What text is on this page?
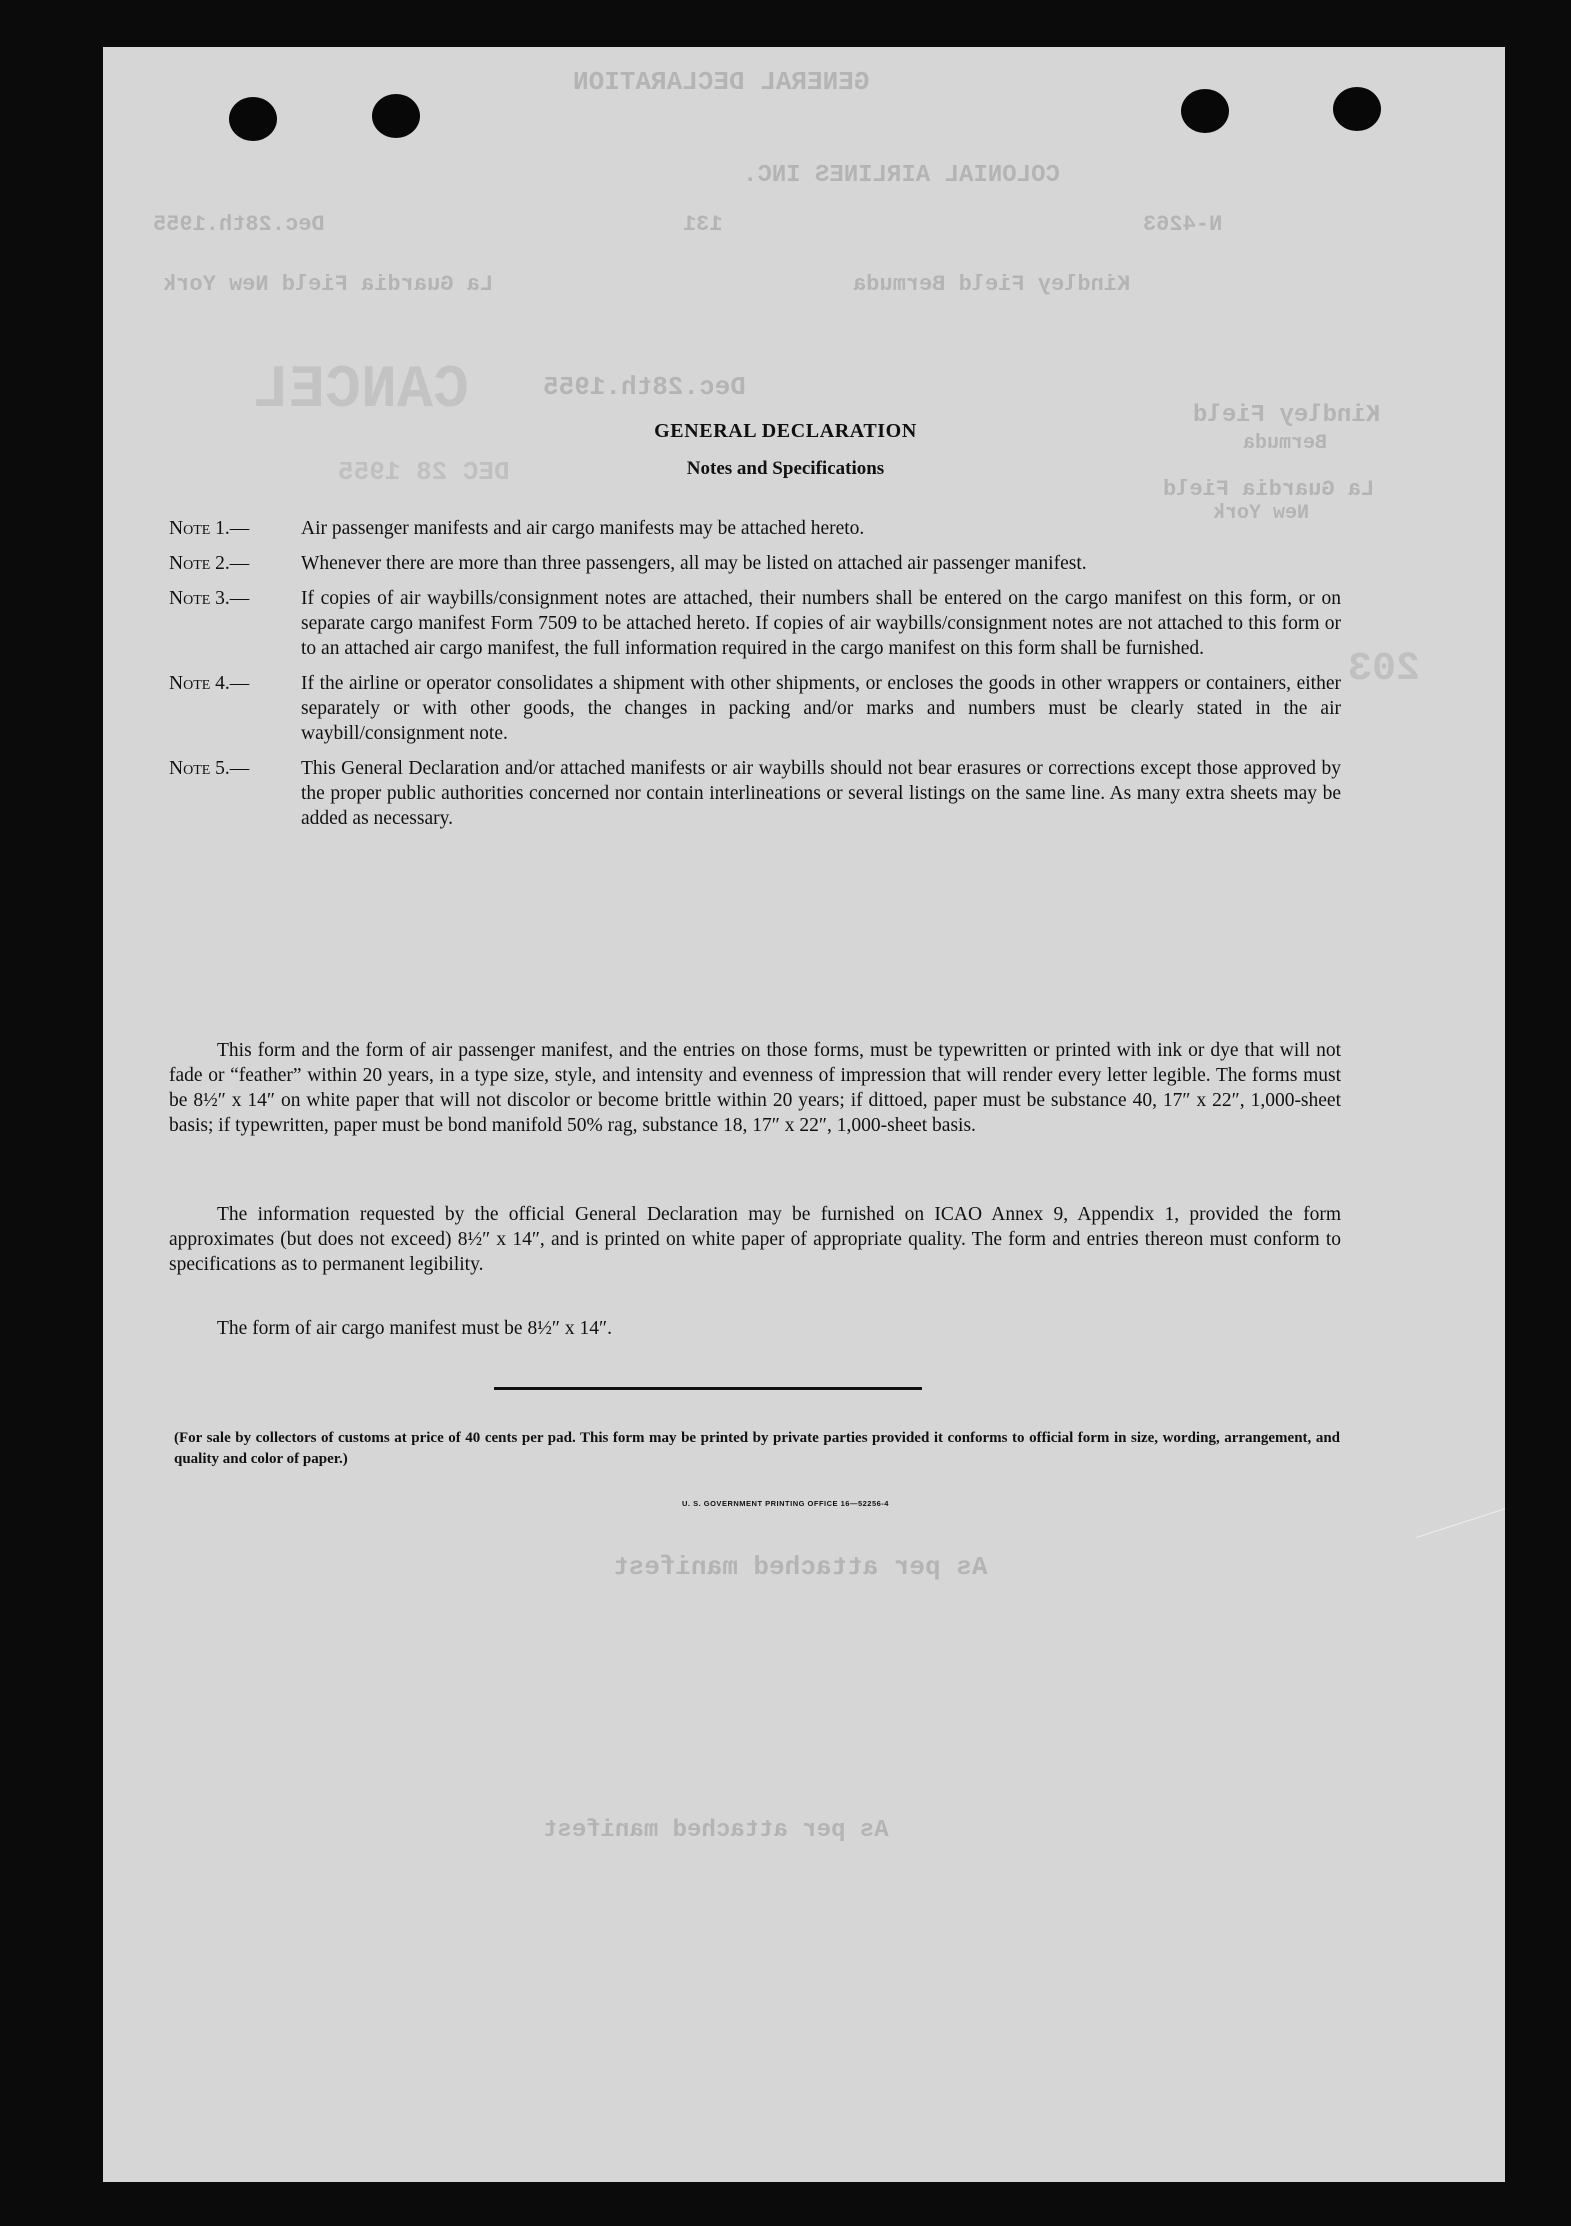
GENERAL DECLARATION
COLONIAL AIRLINES INC.
N-4263
131
Dec.28th.1955
Kindley Field Bermuda
La Guardia Field New York
Kindley Field
Bermuda
La Guardia Field
New York
Dec.28th.1955
CANCEL
DEC 28 1955
203
As per attached manifest
As per attached manifest
GENERAL DECLARATION
Notes and Specifications
Note 1.—	Air passenger manifests and air cargo manifests may be attached hereto.
Note 2.—	Whenever there are more than three passengers, all may be listed on attached air passenger manifest.
Note 3.—	If copies of air waybills/consignment notes are attached, their numbers shall be entered on the cargo manifest on this form, or on separate cargo manifest Form 7509 to be attached hereto. If copies of air waybills/consignment notes are not attached to this form or to an attached air cargo manifest, the full information required in the cargo manifest on this form shall be furnished.
Note 4.—	If the airline or operator consolidates a shipment with other shipments, or encloses the goods in other wrappers or containers, either separately or with other goods, the changes in packing and/or marks and numbers must be clearly stated in the air waybill/consignment note.
Note 5.—	This General Declaration and/or attached manifests or air waybills should not bear erasures or corrections except those approved by the proper public authorities concerned nor contain interlineations or several listings on the same line. As many extra sheets may be added as necessary.
This form and the form of air passenger manifest, and the entries on those forms, must be typewritten or printed with ink or dye that will not fade or “feather” within 20 years, in a type size, style, and intensity and evenness of impression that will render every letter legible. The forms must be 8½″ x 14″ on white paper that will not discolor or become brittle within 20 years; if dittoed, paper must be substance 40, 17″ x 22″, 1,000-sheet basis; if typewritten, paper must be bond manifold 50% rag, substance 18, 17″ x 22″, 1,000-sheet basis.
The information requested by the official General Declaration may be furnished on ICAO Annex 9, Appendix 1, provided the form approximates (but does not exceed) 8½″ x 14″, and is printed on white paper of appropriate quality. The form and entries thereon must conform to specifications as to permanent legibility.
The form of air cargo manifest must be 8½″ x 14″.
(For sale by collectors of customs at price of 40 cents per pad. This form may be printed by private parties provided it conforms to official form in size, wording, arrangement, and quality and color of paper.)
U. S. GOVERNMENT PRINTING OFFICE 16—52256-4
